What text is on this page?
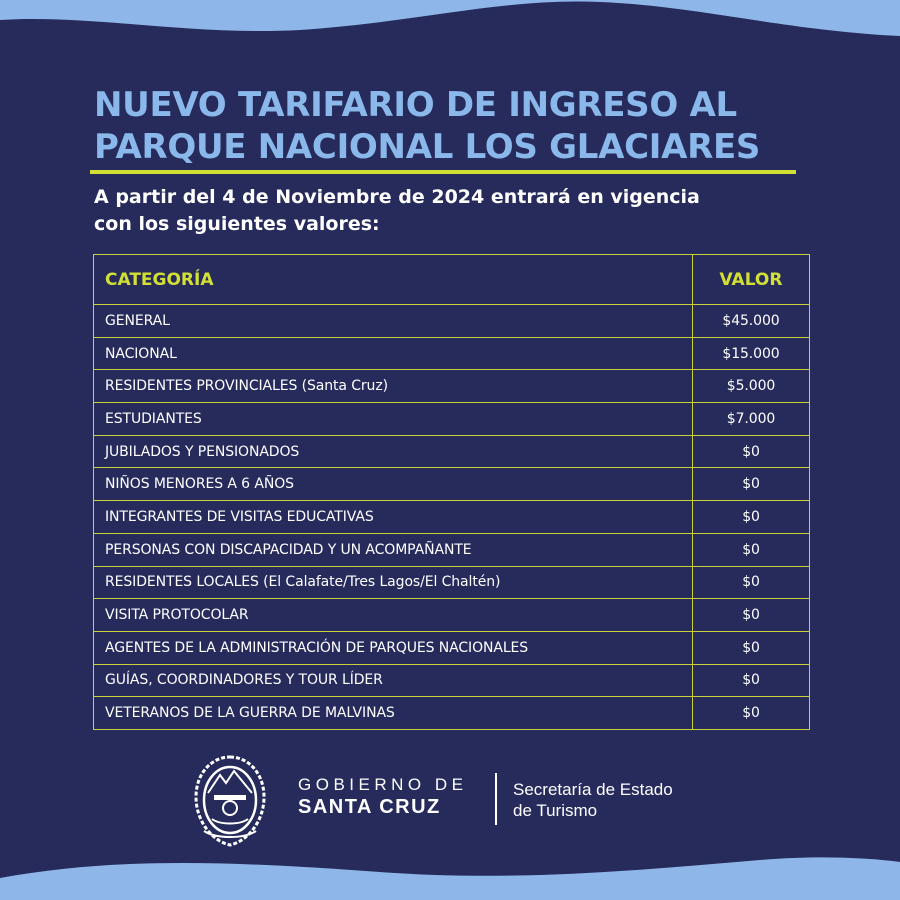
NUEVO TARIFARIO DE INGRESO AL
PARQUE NACIONAL LOS GLACIARES

A partir del 4 de Noviembre de 2024 entrará en vigencia
con los siguientes valores:

CATEGORÍA	VALOR
GENERAL	$45.000
NACIONAL	$15.000
RESIDENTES PROVINCIALES (Santa Cruz)	$5.000
ESTUDIANTES	$7.000
JUBILADOS Y PENSIONADOS	$0
NIÑOS MENORES A 6 AÑOS	$0
INTEGRANTES DE VISITAS EDUCATIVAS	$0
PERSONAS CON DISCAPACIDAD Y UN ACOMPAÑANTE	$0
RESIDENTES LOCALES (El Calafate/Tres Lagos/El Chaltén)	$0
VISITA PROTOCOLAR	$0
AGENTES DE LA ADMINISTRACIÓN DE PARQUES NACIONALES	$0
GUÍAS, COORDINADORES Y TOUR LÍDER	$0
VETERANOS DE LA GUERRA DE MALVINAS	$0
GOBIERNO DE
SANTA CRUZ
Secretaría de Estado
de Turismo
